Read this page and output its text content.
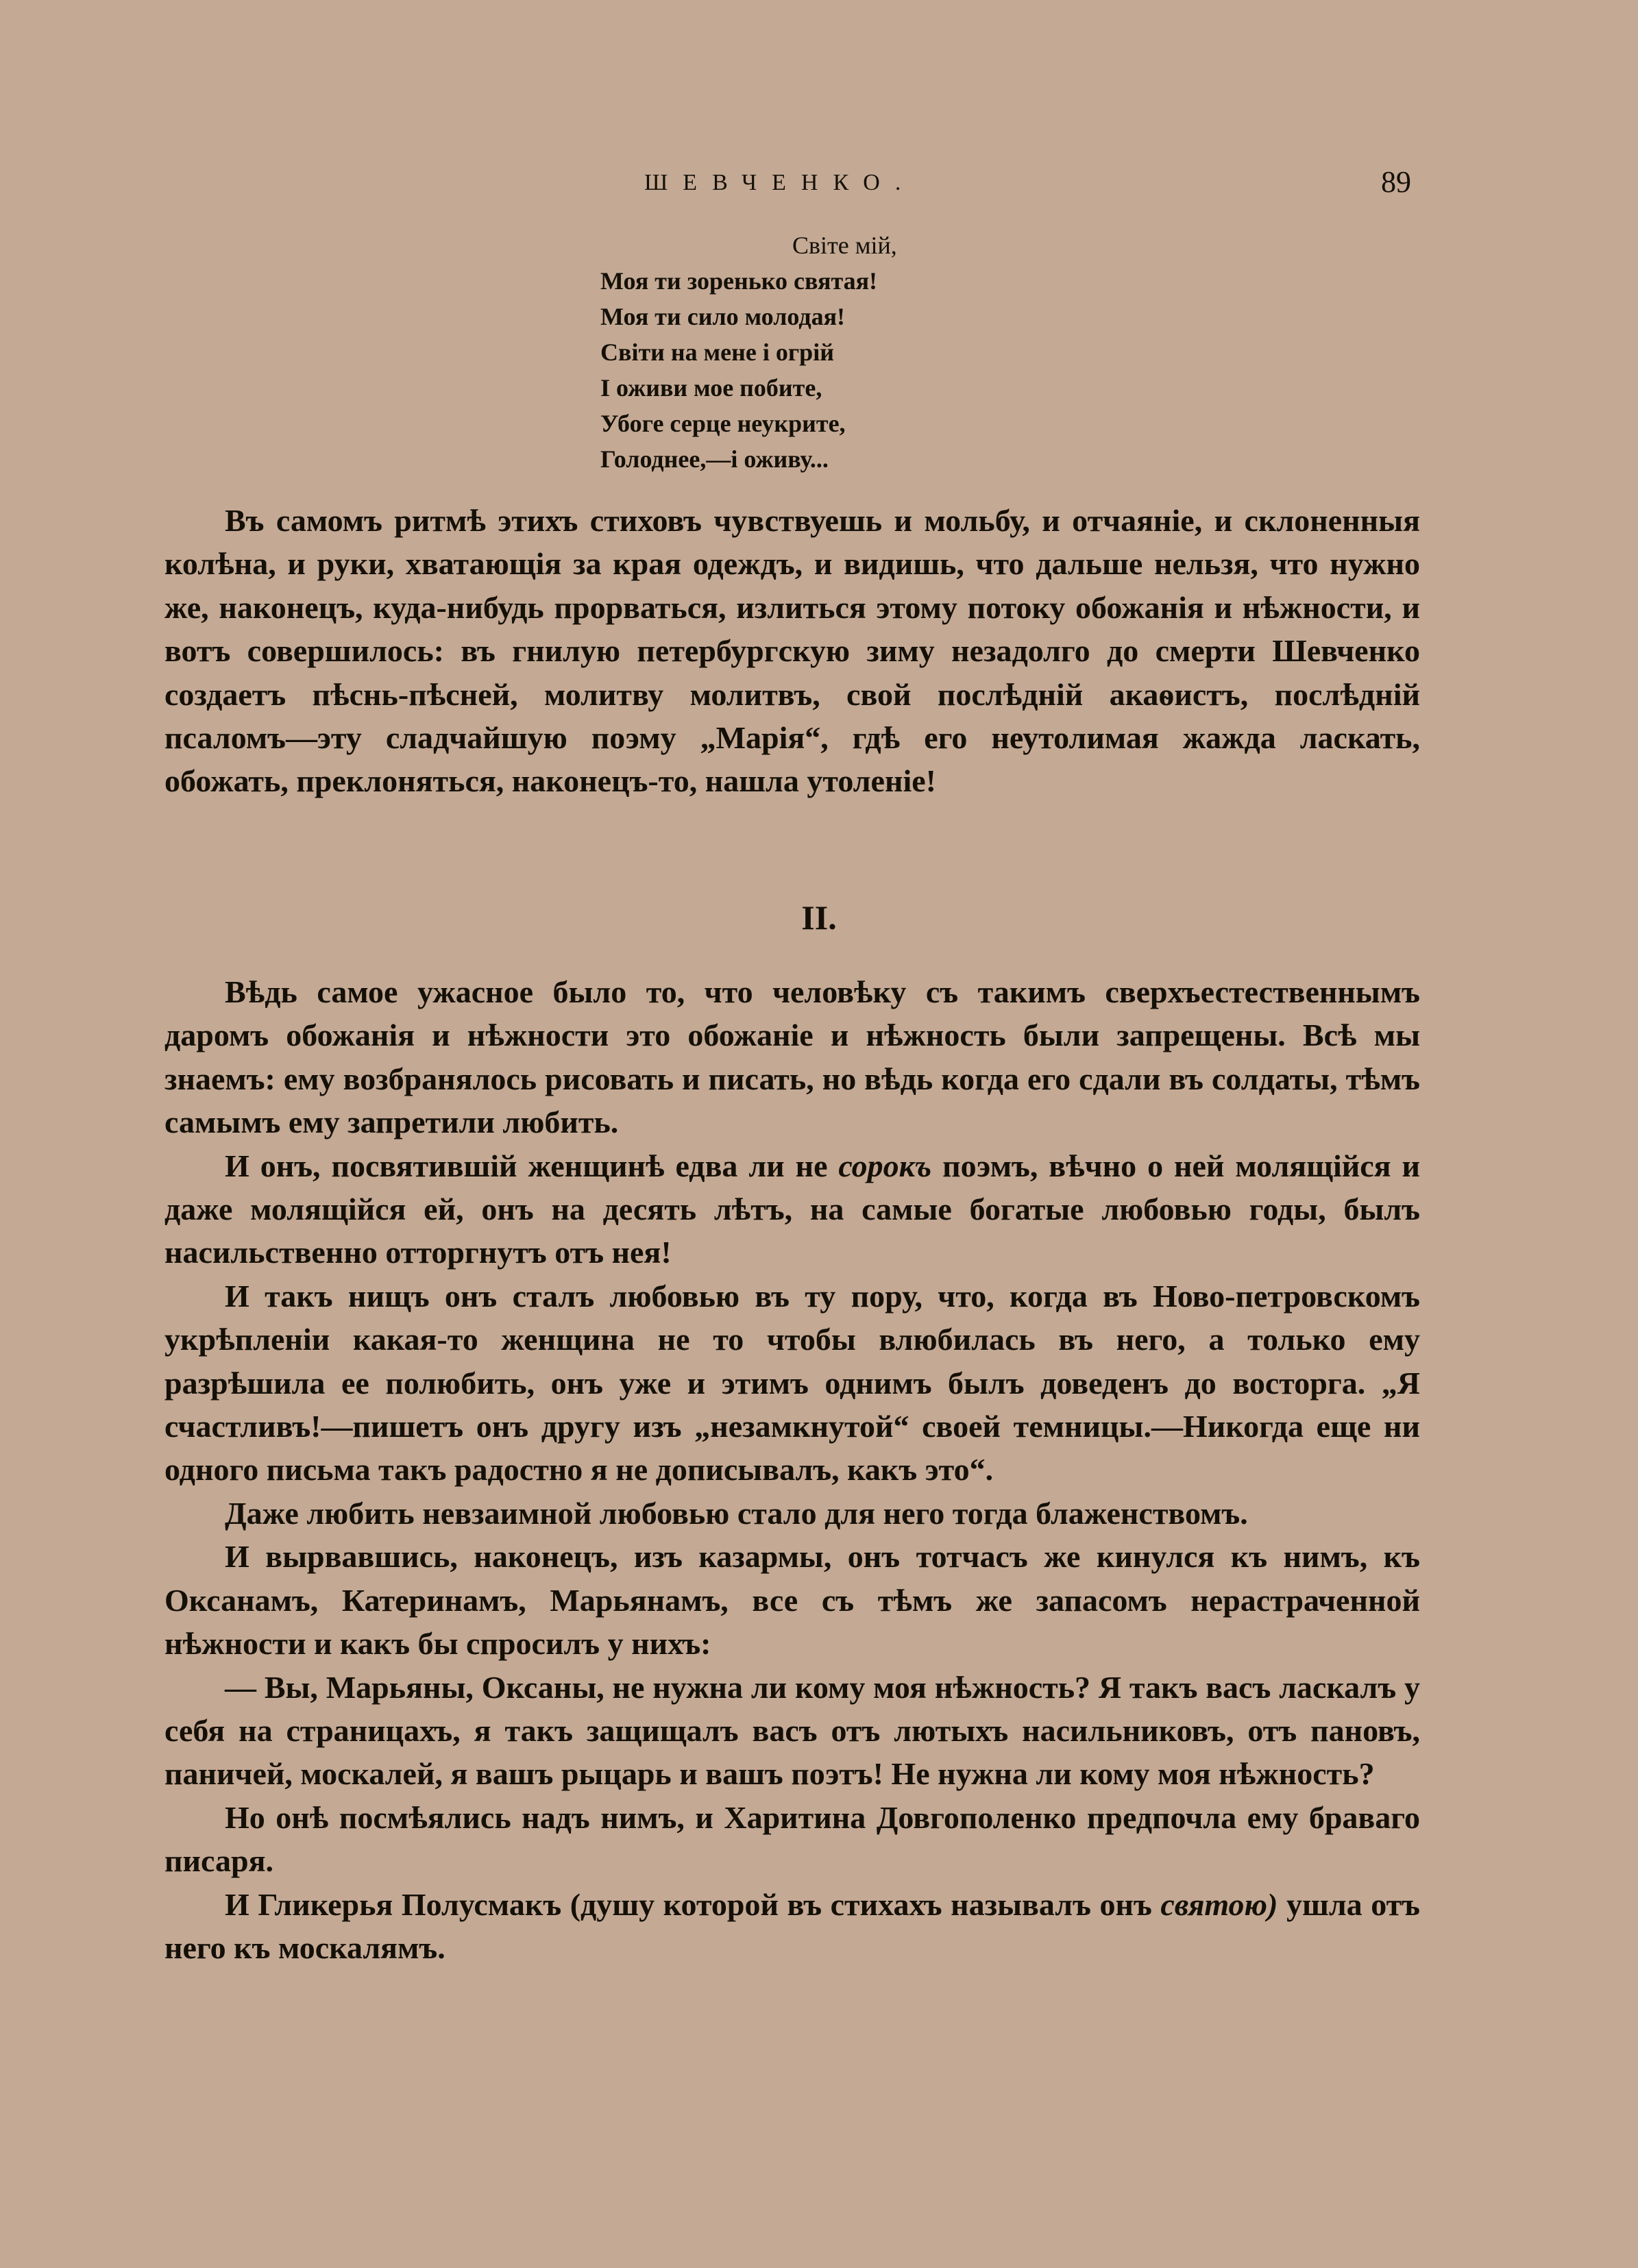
ШЕВЧЕНКО.	89
Світе мій,
Моя ти зоренько святая!
Моя ти сило молодая!
Світи на мене і огрій
І оживи мое побите,
Убоге серце неукрите,
Голоднее,—і оживу...

Въ самомъ ритмѣ этихъ стиховъ чувствуешь и мольбу, и отчаяніе, и склоненныя колѣна, и руки, хватающія за края одеждъ, и видишь, что дальше нельзя, что нужно же, наконецъ, куда-нибудь прорваться, излиться этому потоку обожанія и нѣжности, и вотъ совершилось: въ гнилую петербургскую зиму незадолго до смерти Шевченко создаетъ пѣснь-пѣсней, молитву молитвъ, свой послѣдній акаѳистъ, послѣдній псаломъ—эту сладчайшую поэму „Марія“, гдѣ его неутолимая жажда ласкать, обожать, преклоняться, наконецъ-то, нашла утоленіе!

II.

Вѣдь самое ужасное было то, что человѣку съ такимъ сверхъестественнымъ даромъ обожанія и нѣжности это обожаніе и нѣжность были запрещены. Всѣ мы знаемъ: ему возбранялось рисовать и писать, но вѣдь когда его сдали въ солдаты, тѣмъ самымъ ему запретили любить.

И онъ, посвятившій женщинѣ едва ли не сорокъ поэмъ, вѣчно о ней молящійся и даже молящійся ей, онъ на десять лѣтъ, на самые богатые любовью годы, былъ насильственно отторгнутъ отъ нея!

И такъ нищъ онъ сталъ любовью въ ту пору, что, когда въ Ново-петровскомъ укрѣпленіи какая-то женщина не то чтобы влюбилась въ него, а только ему разрѣшила ее полюбить, онъ уже и этимъ однимъ былъ доведенъ до восторга. „Я счастливъ!—пишетъ онъ другу изъ „незамкнутой“ своей темницы.—Никогда еще ни одного письма такъ радостно я не дописывалъ, какъ это“.

Даже любить невзаимной любовью стало для него тогда блаженствомъ.

И вырвавшись, наконецъ, изъ казармы, онъ тотчасъ же кинулся къ нимъ, къ Оксанамъ, Катеринамъ, Марьянамъ, все съ тѣмъ же запасомъ нерастраченной нѣжности и какъ бы спросилъ у нихъ:

— Вы, Марьяны, Оксаны, не нужна ли кому моя нѣжность? Я такъ васъ ласкалъ у себя на страницахъ, я такъ защищалъ васъ отъ лютыхъ насильниковъ, отъ пановъ, паничей, москалей, я вашъ рыцарь и вашъ поэтъ! Не нужна ли кому моя нѣжность?

Но онѣ посмѣялись надъ нимъ, и Харитина Довгополенко предпочла ему браваго писаря.

И Гликерья Полусмакъ (душу которой въ стихахъ называлъ онъ святою) ушла отъ него къ москалямъ.
